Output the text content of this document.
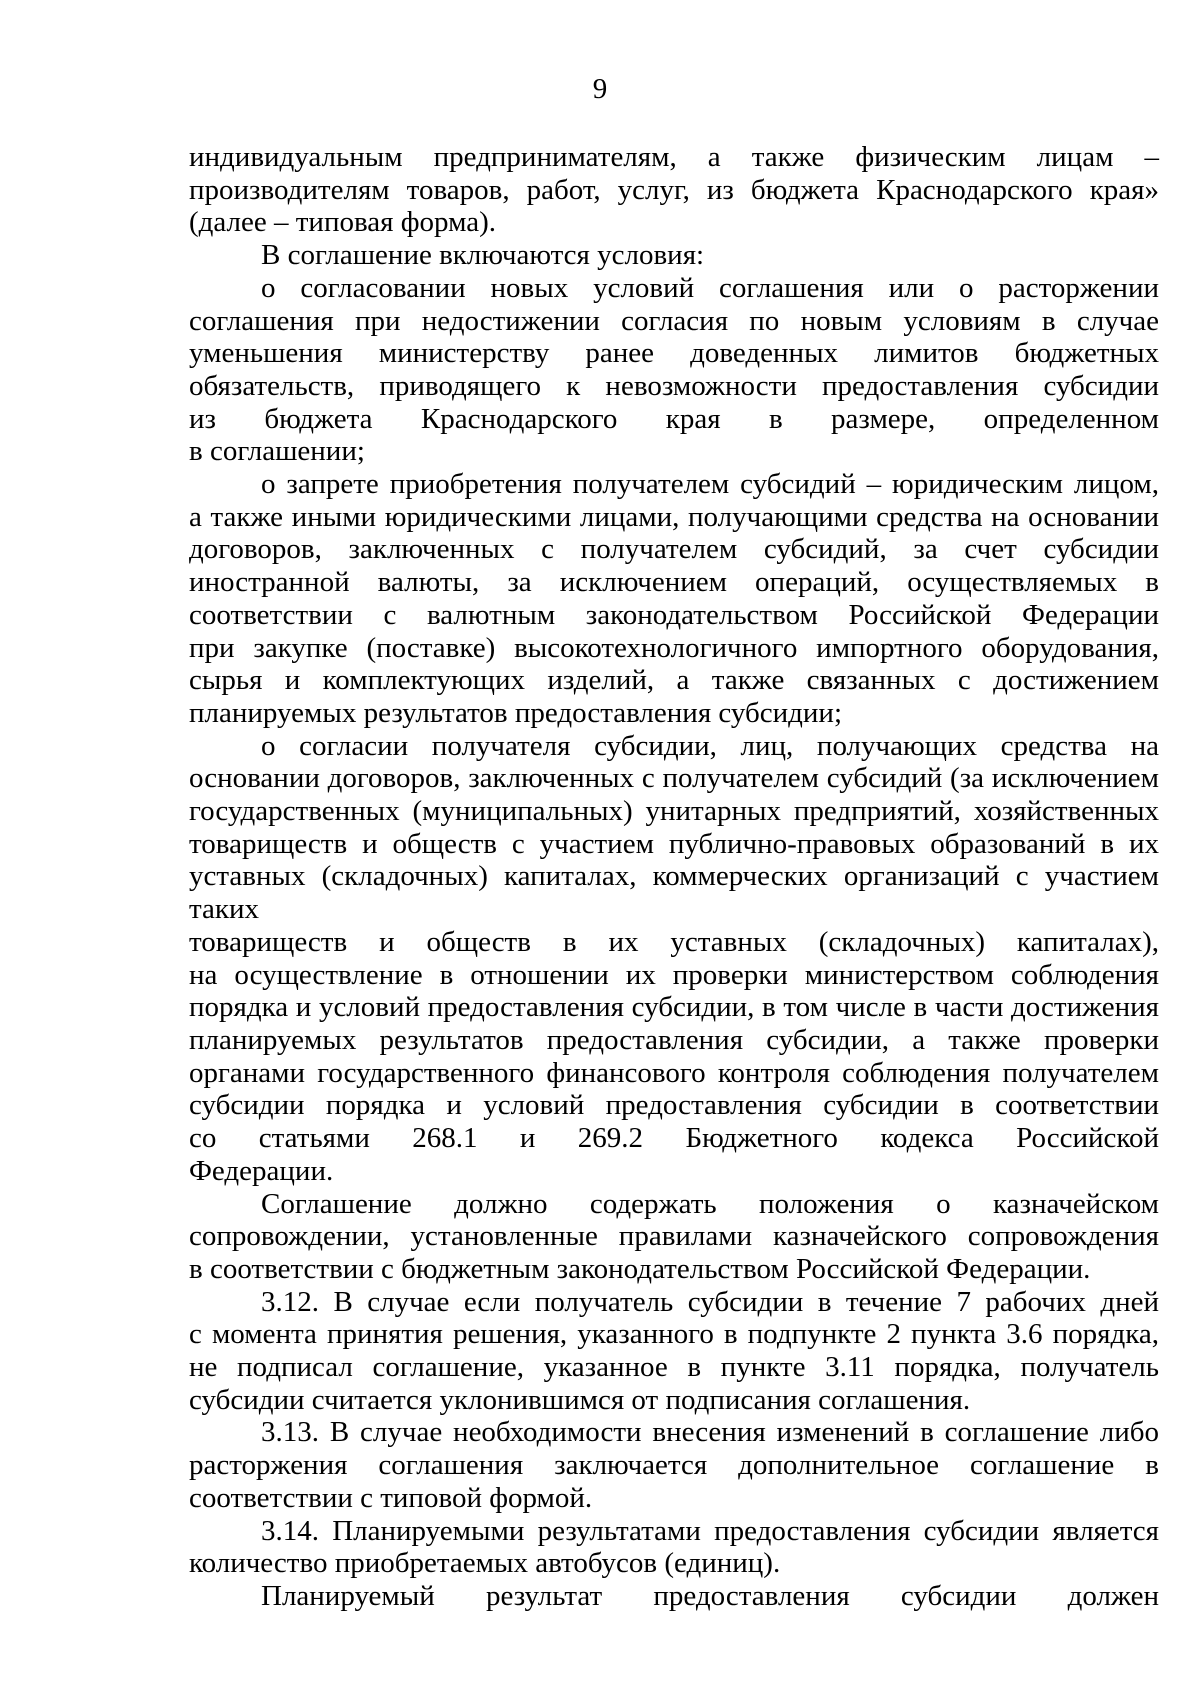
9
индивидуальным предпринимателям, а также физическим лицам –
производителям товаров, работ, услуг, из бюджета Краснодарского края»
(далее – типовая форма).
В соглашение включаются условия:
о согласовании новых условий соглашения или о расторжении
соглашения при недостижении согласия по новым условиям в случае
уменьшения министерству ранее доведенных лимитов бюджетных
обязательств, приводящего к невозможности предоставления субсидии
из бюджета Краснодарского края в размере, определенном
в соглашении;
о запрете приобретения получателем субсидий – юридическим лицом,
а также иными юридическими лицами, получающими средства на основании
договоров, заключенных с получателем субсидий, за счет субсидии
иностранной валюты, за исключением операций, осуществляемых в
соответствии с валютным законодательством Российской Федерации
при закупке (поставке) высокотехнологичного импортного оборудования,
сырья и комплектующих изделий, а также связанных с достижением
планируемых результатов предоставления субсидии;
о согласии получателя субсидии, лиц, получающих средства на
основании договоров, заключенных с получателем субсидий (за исключением
государственных (муниципальных) унитарных предприятий, хозяйственных
товариществ и обществ с участием публично-правовых образований в их
уставных (складочных) капиталах, коммерческих организаций с участием таких
товариществ и обществ в их уставных (складочных) капиталах),
на осуществление в отношении их проверки министерством соблюдения
порядка и условий предоставления субсидии, в том числе в части достижения
планируемых результатов предоставления субсидии, а также проверки
органами государственного финансового контроля соблюдения получателем
субсидии порядка и условий предоставления субсидии в соответствии
со статьями 268.1 и 269.2 Бюджетного кодекса Российской
Федерации.
Соглашение должно содержать положения о казначейском
сопровождении, установленные правилами казначейского сопровождения
в соответствии с бюджетным законодательством Российской Федерации.
3.12. В случае если получатель субсидии в течение 7 рабочих дней
с момента принятия решения, указанного в подпункте 2 пункта 3.6 порядка,
не подписал соглашение, указанное в пункте 3.11 порядка, получатель
субсидии считается уклонившимся от подписания соглашения.
3.13. В случае необходимости внесения изменений в соглашение либо
расторжения соглашения заключается дополнительное соглашение в
соответствии с типовой формой.
3.14. Планируемыми результатами предоставления субсидии является
количество приобретаемых автобусов (единиц).
Планируемый результат предоставления субсидии должен
